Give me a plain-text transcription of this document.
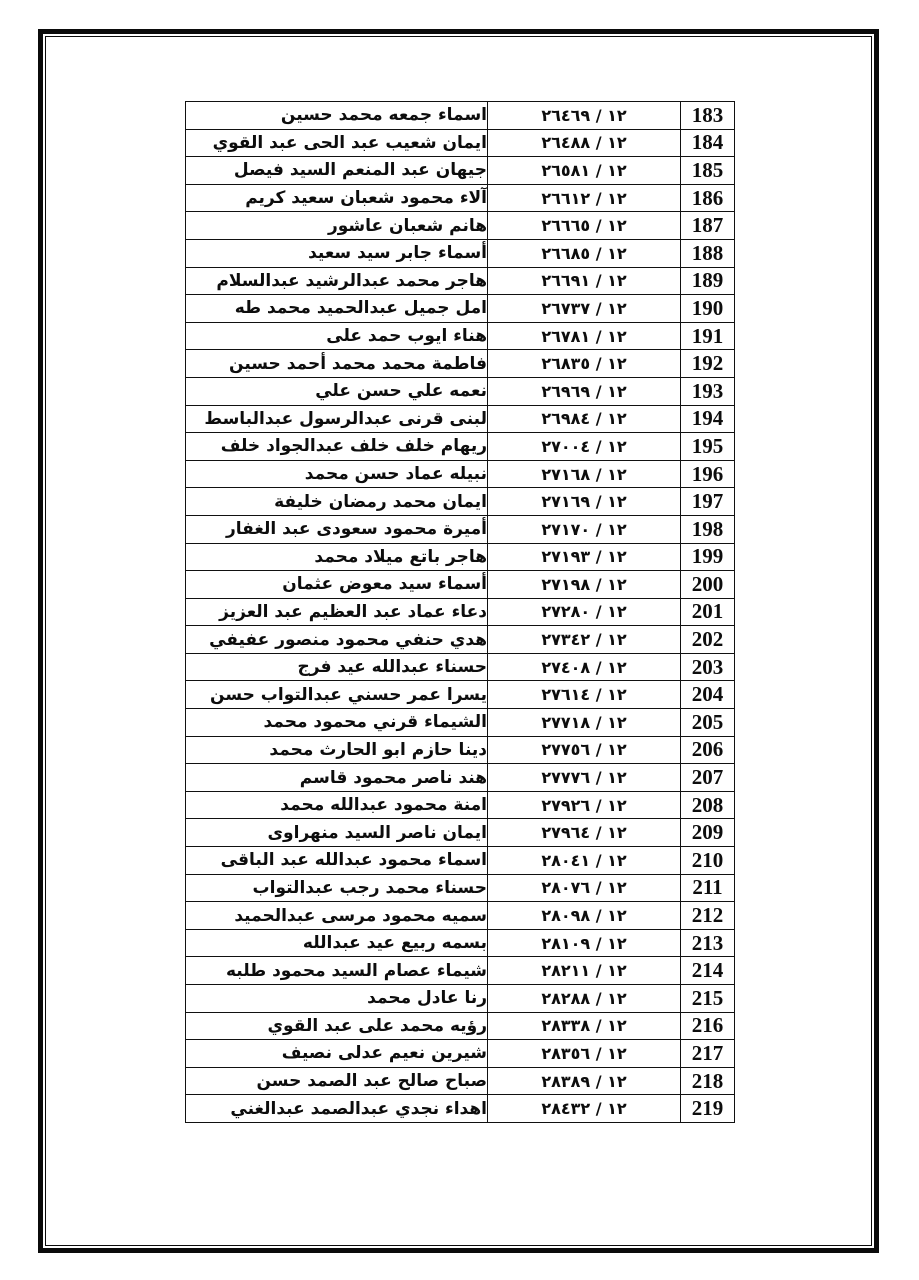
اسماء جمعه محمد حسين	١٢ / ٢٦٤٦٩	183
ايمان شعيب عبد الحى عبد القوي	١٢ / ٢٦٤٨٨	184
جيهان عبد المنعم السيد فيصل	١٢ / ٢٦٥٨١	185
آلاء محمود شعبان سعيد كريم	١٢ / ٢٦٦١٢	186
هانم شعبان عاشور	١٢ / ٢٦٦٦٥	187
أسماء جابر سيد سعيد	١٢ / ٢٦٦٨٥	188
هاجر محمد عبدالرشيد عبدالسلام	١٢ / ٢٦٦٩١	189
امل جميل عبدالحميد محمد طه	١٢ / ٢٦٧٣٧	190
هناء ايوب حمد على	١٢ / ٢٦٧٨١	191
فاطمة محمد محمد أحمد حسين	١٢ / ٢٦٨٣٥	192
نعمه علي حسن علي	١٢ / ٢٦٩٦٩	193
لبنى قرنى عبدالرسول عبدالباسط	١٢ / ٢٦٩٨٤	194
ريهام خلف خلف عبدالجواد خلف	١٢ / ٢٧٠٠٤	195
نبيله عماد حسن محمد	١٢ / ٢٧١٦٨	196
ايمان محمد رمضان خليفة	١٢ / ٢٧١٦٩	197
أميرة محمود سعودى عبد الغفار	١٢ / ٢٧١٧٠	198
هاجر باتع ميلاد محمد	١٢ / ٢٧١٩٣	199
أسماء سيد معوض عثمان	١٢ / ٢٧١٩٨	200
دعاء عماد عبد العظيم عبد العزيز	١٢ / ٢٧٢٨٠	201
هدي حنفي محمود منصور عفيفي	١٢ / ٢٧٣٤٢	202
حسناء عبدالله عيد فرج	١٢ / ٢٧٤٠٨	203
يسرا عمر حسني عبدالتواب حسن	١٢ / ٢٧٦١٤	204
الشيماء قرني محمود محمد	١٢ / ٢٧٧١٨	205
دينا حازم ابو الحارث محمد	١٢ / ٢٧٧٥٦	206
هند ناصر محمود قاسم	١٢ / ٢٧٧٧٦	207
امنة محمود عبدالله محمد	١٢ / ٢٧٩٢٦	208
ايمان ناصر السيد منهراوى	١٢ / ٢٧٩٦٤	209
اسماء محمود عبدالله عبد الباقى	١٢ / ٢٨٠٤١	210
حسناء محمد رجب عبدالتواب	١٢ / ٢٨٠٧٦	211
سميه محمود مرسى عبدالحميد	١٢ / ٢٨٠٩٨	212
بسمه ربيع عيد عبدالله	١٢ / ٢٨١٠٩	213
شيماء عصام السيد محمود طلبه	١٢ / ٢٨٢١١	214
رنا عادل محمد	١٢ / ٢٨٢٨٨	215
رؤيه محمد على عبد القوي	١٢ / ٢٨٣٣٨	216
شيرين نعيم عدلى نصيف	١٢ / ٢٨٣٥٦	217
صباح صالح عبد الصمد حسن	١٢ / ٢٨٣٨٩	218
اهداء نجدي عبدالصمد عبدالغني	١٢ / ٢٨٤٣٢	219
